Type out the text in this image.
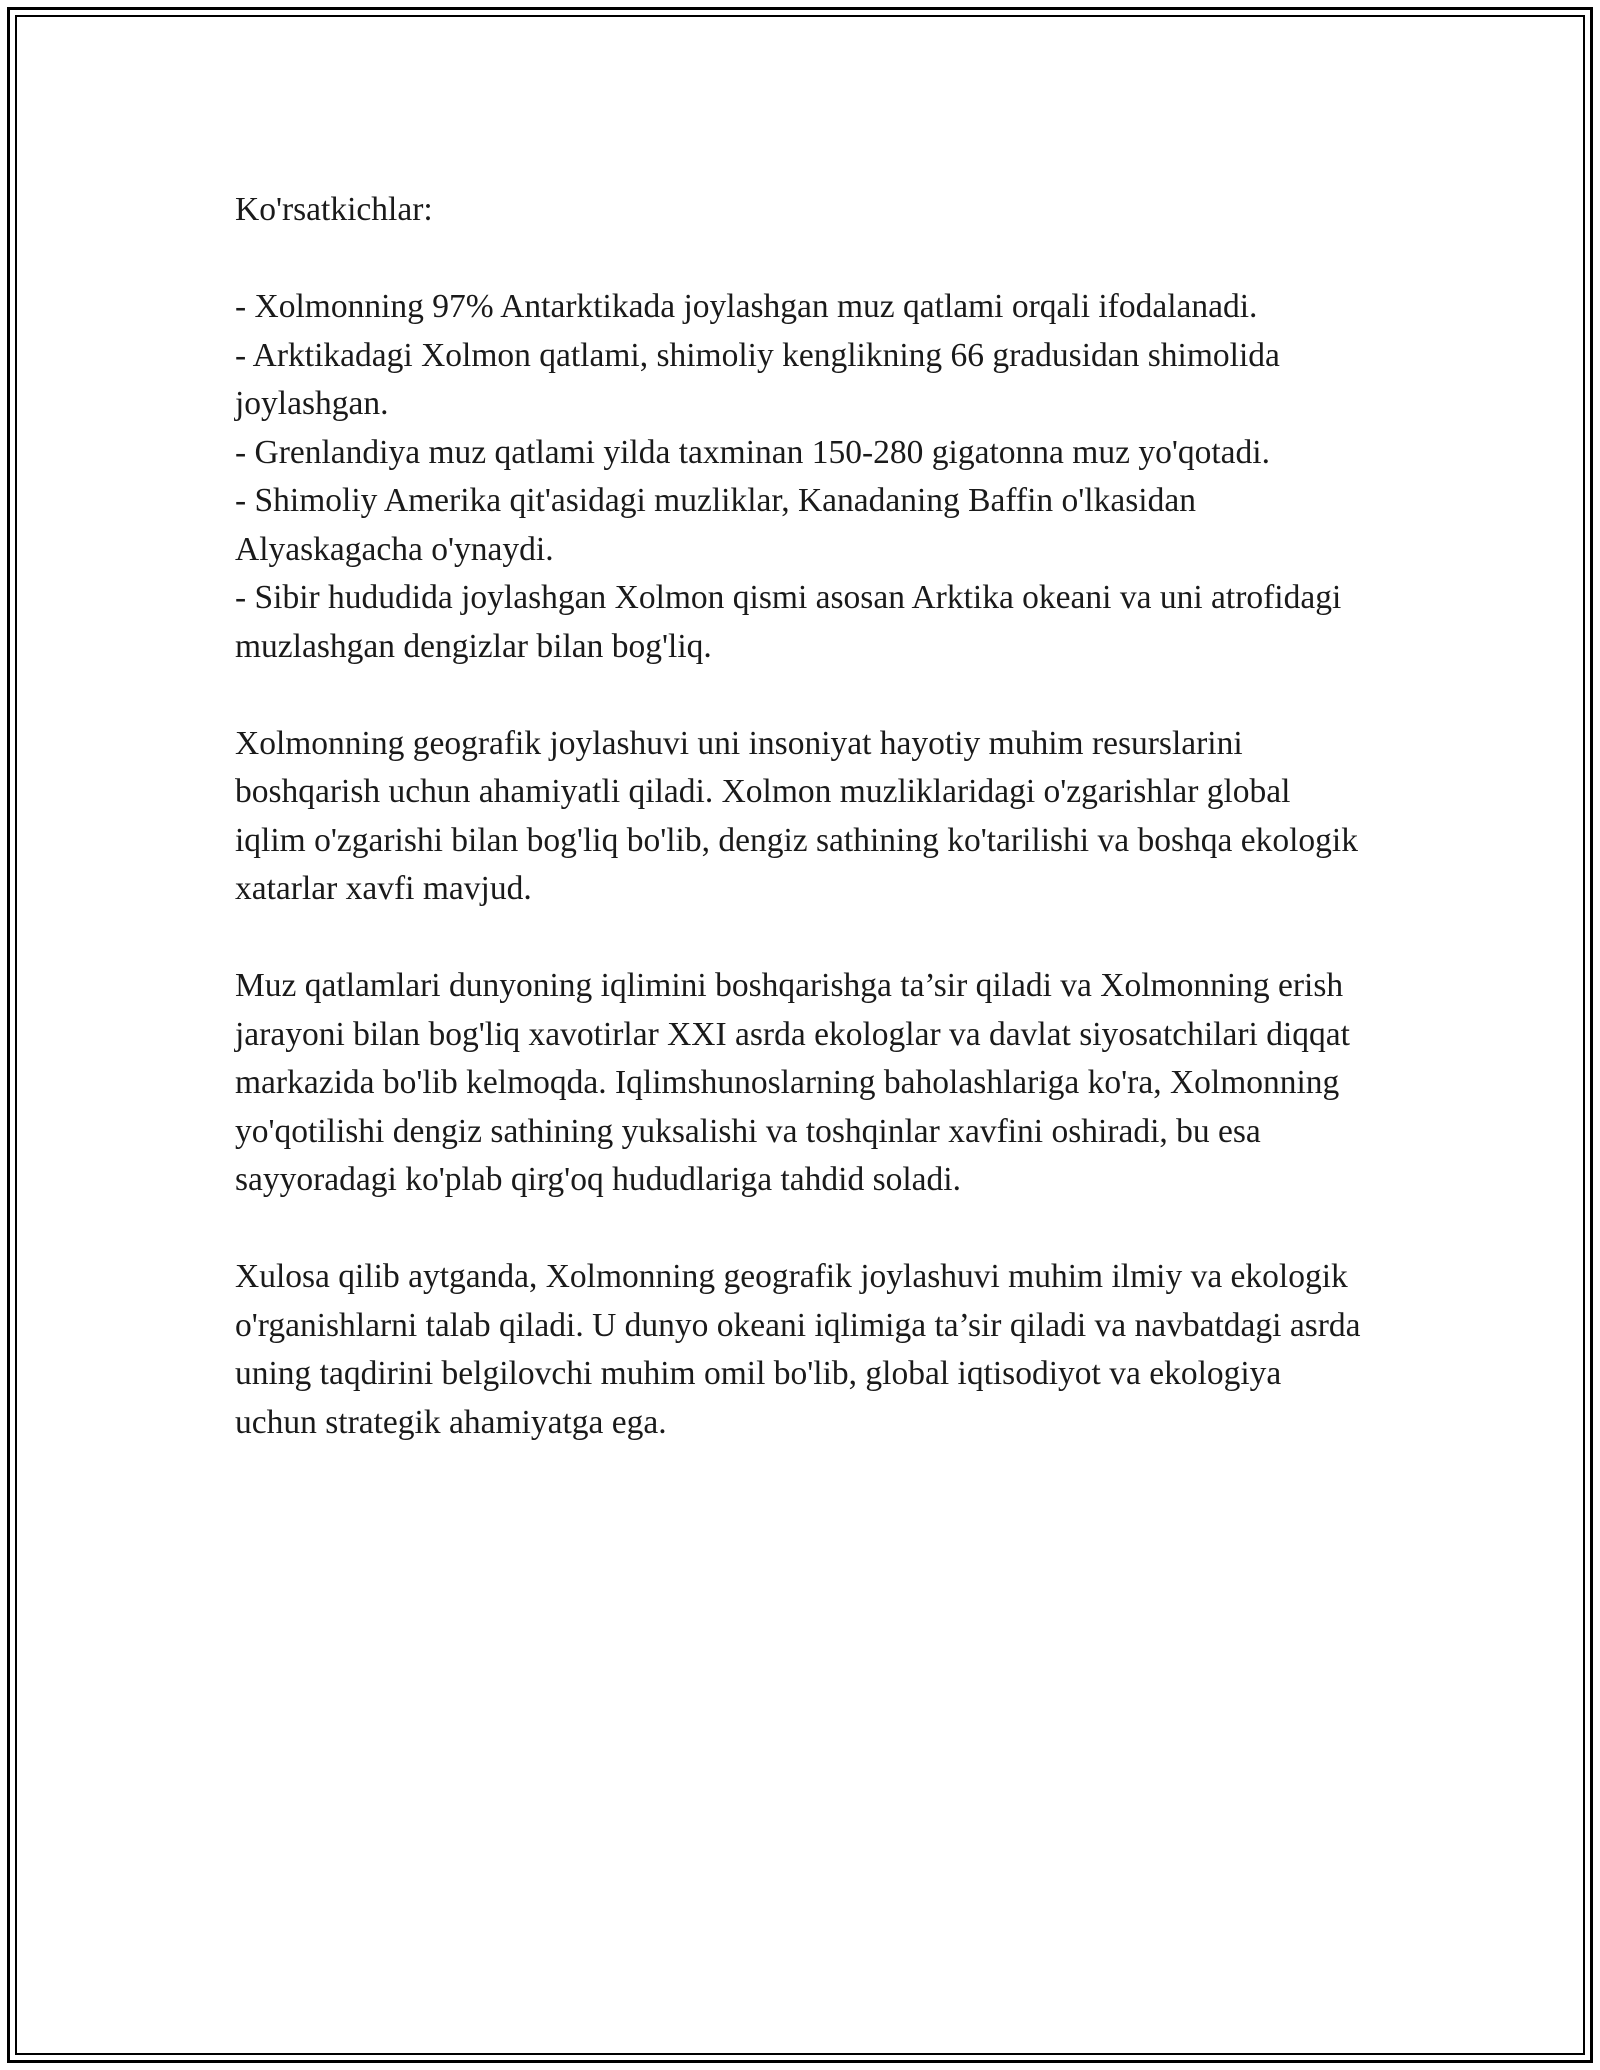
Ko'rsatkichlar:

- Xolmonning 97% Antarktikada joylashgan muz qatlami orqali ifodalanadi.
- Arktikadagi Xolmon qatlami, shimoliy kenglikning 66 gradusidan shimolida joylashgan.
- Grenlandiya muz qatlami yilda taxminan 150-280 gigatonna muz yo'qotadi.
- Shimoliy Amerika qit'asidagi muzliklar, Kanadaning Baffin o'lkasidan Alyaskagacha o'ynaydi.
- Sibir hududida joylashgan Xolmon qismi asosan Arktika okeani va uni atrofidagi muzlashgan dengizlar bilan bog'liq.

Xolmonning geografik joylashuvi uni insoniyat hayotiy muhim resurslarini boshqarish uchun ahamiyatli qiladi. Xolmon muzliklaridagi o'zgarishlar global iqlim o'zgarishi bilan bog'liq bo'lib, dengiz sathining ko'tarilishi va boshqa ekologik xatarlar xavfi mavjud.

Muz qatlamlari dunyoning iqlimini boshqarishga ta’sir qiladi va Xolmonning erish jarayoni bilan bog'liq xavotirlar XXI asrda ekologlar va davlat siyosatchilari diqqat markazida bo'lib kelmoqda. Iqlimshunoslarning baholashlariga ko'ra, Xolmonning yo'qotilishi dengiz sathining yuksalishi va toshqinlar xavfini oshiradi, bu esa sayyoradagi ko'plab qirg'oq hududlariga tahdid soladi.

Xulosa qilib aytganda, Xolmonning geografik joylashuvi muhim ilmiy va ekologik o'rganishlarni talab qiladi. U dunyo okeani iqlimiga ta’sir qiladi va navbatdagi asrda uning taqdirini belgilovchi muhim omil bo'lib, global iqtisodiyot va ekologiya uchun strategik ahamiyatga ega.
